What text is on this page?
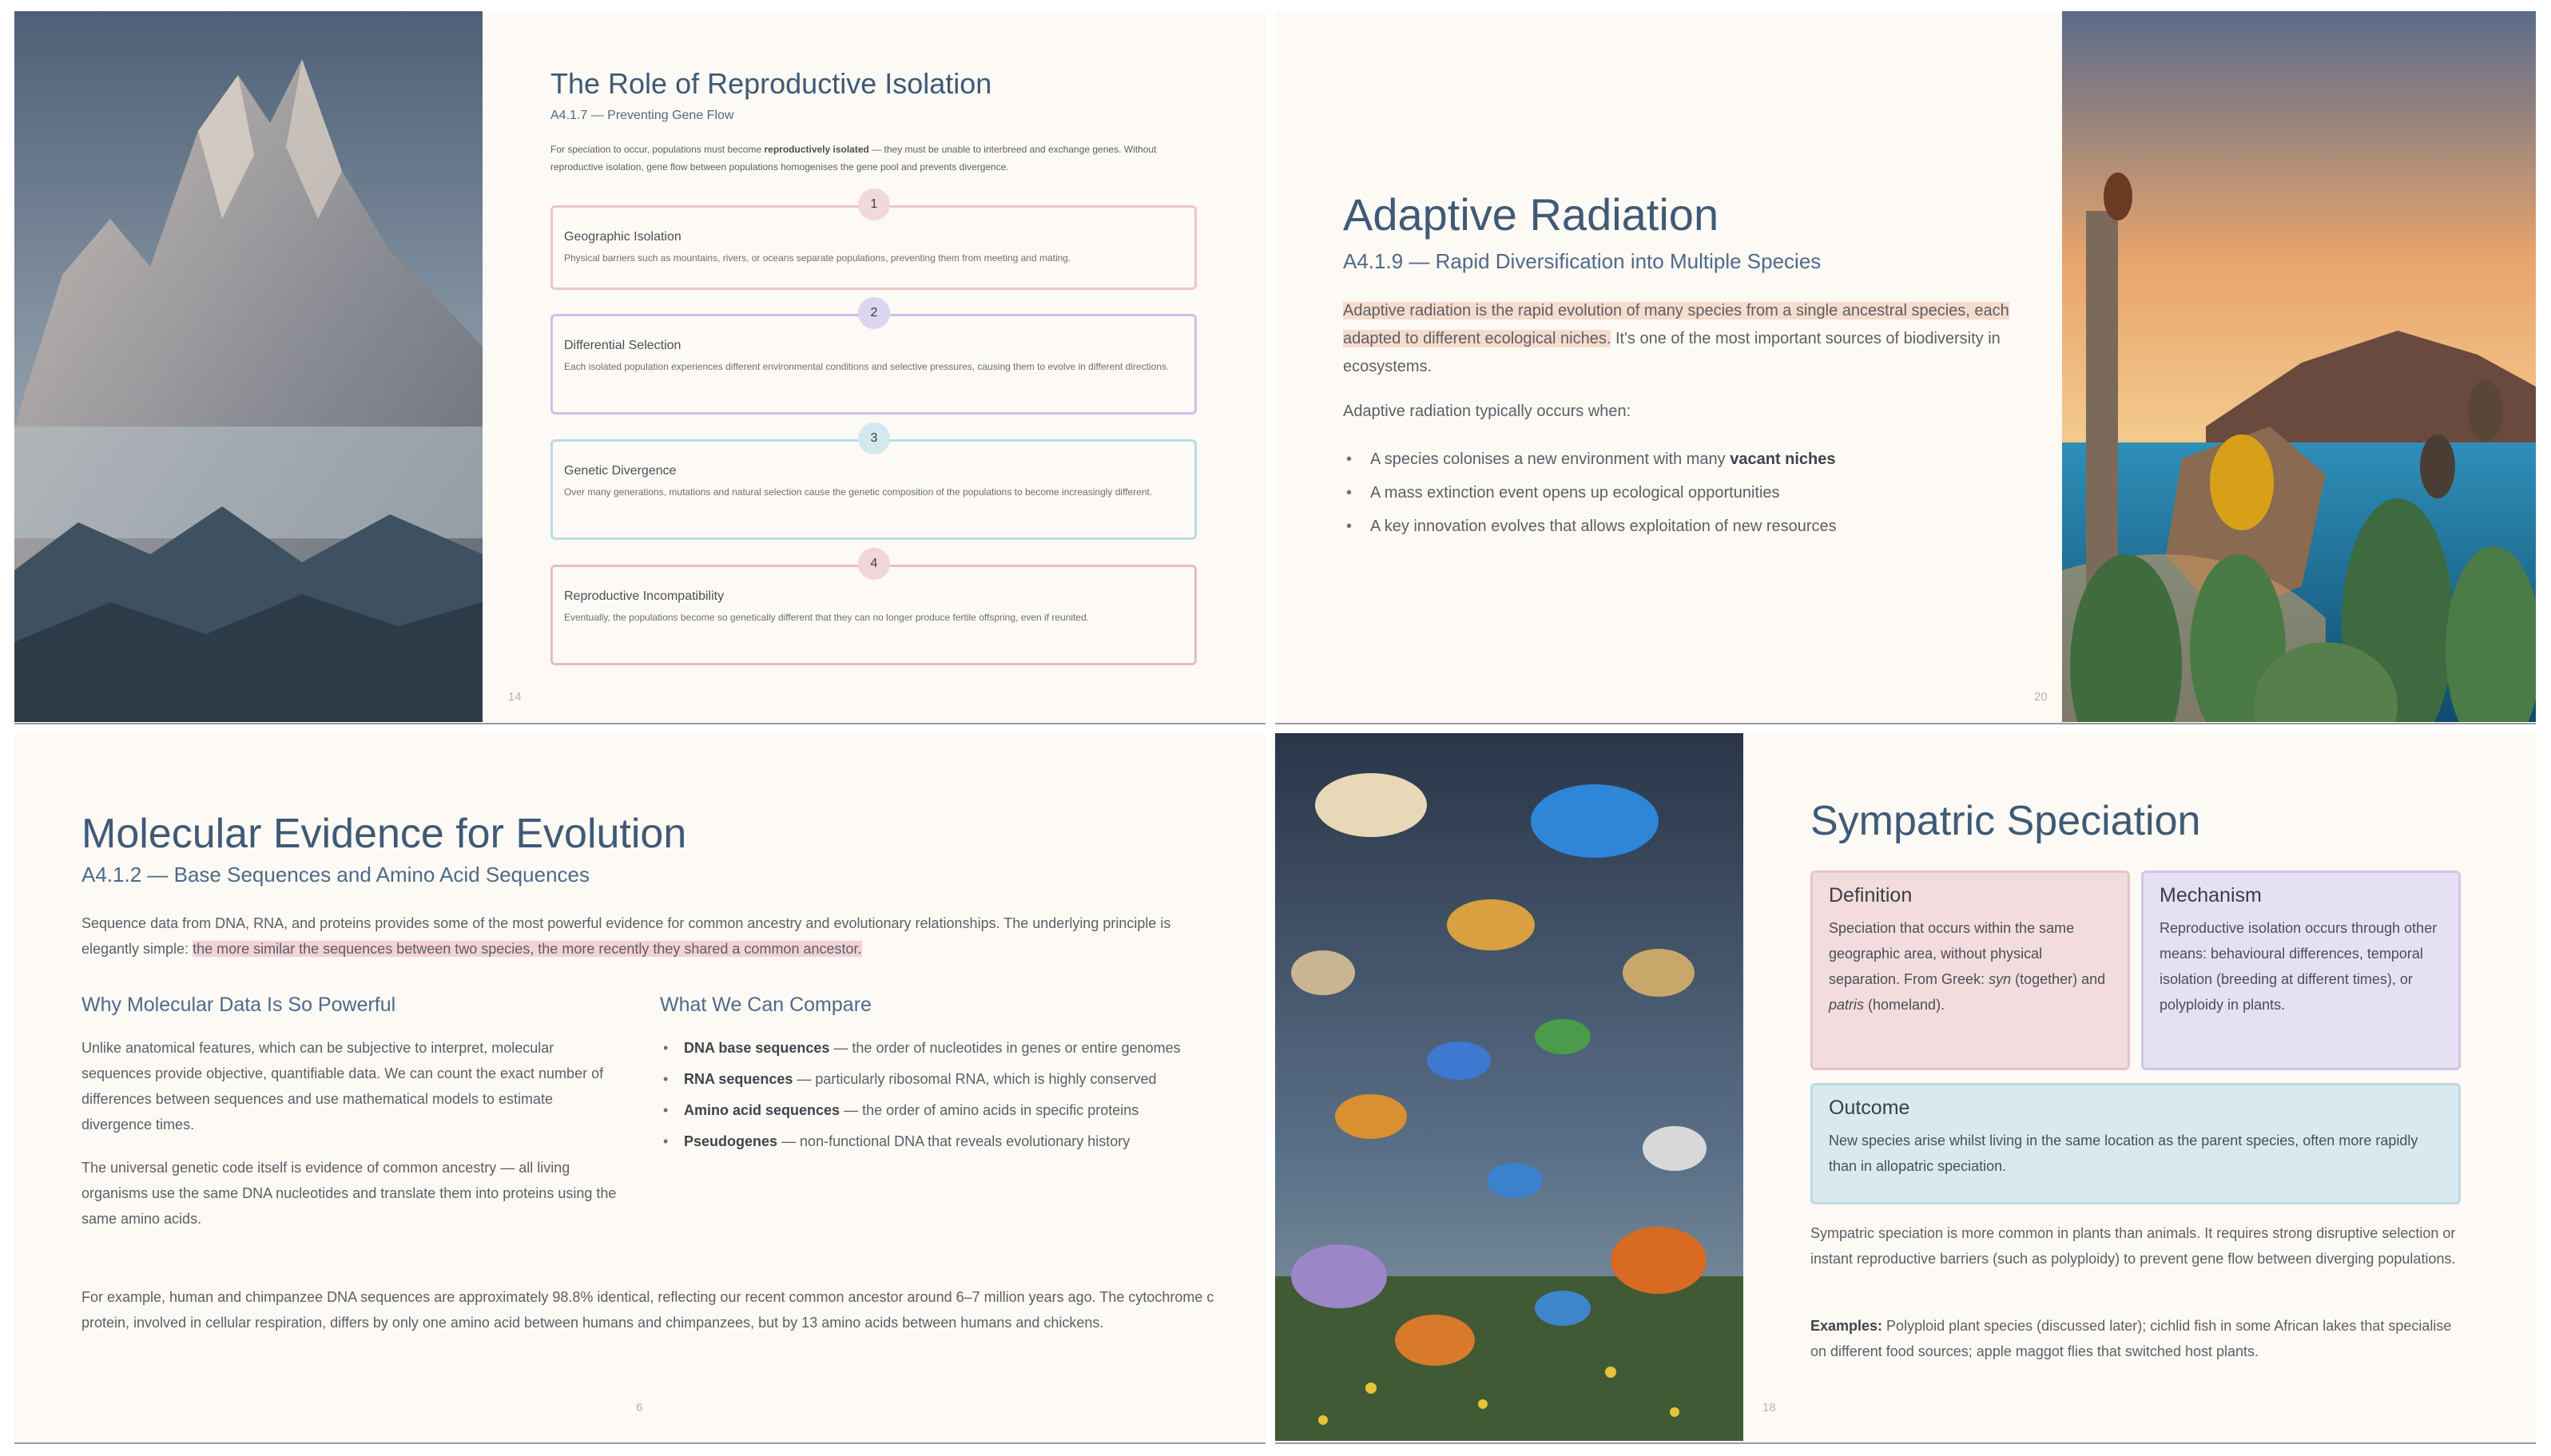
The Role of Reproductive Isolation
A4.1.7 — Preventing Gene Flow

For speciation to occur, populations must become reproductively isolated — they must be unable to interbreed and exchange genes. Without reproductive isolation, gene flow between populations homogenises the gene pool and prevents divergence.

1
Geographic Isolation
Physical barriers such as mountains, rivers, or oceans separate populations, preventing them from meeting and mating.
2
Differential Selection
Each isolated population experiences different environmental conditions and selective pressures, causing them to evolve in different directions.
3
Genetic Divergence
Over many generations, mutations and natural selection cause the genetic composition of the populations to become increasingly different.
4
Reproductive Incompatibility
Eventually, the populations become so genetically different that they can no longer produce fertile offspring, even if reunited.
14
Adaptive Radiation
A4.1.9 — Rapid Diversification into Multiple Species

Adaptive radiation is the rapid evolution of many species from a single ancestral species, each adapted to different ecological niches. It's one of the most important sources of biodiversity in ecosystems.

Adaptive radiation typically occurs when:

• A species colonises a new environment with many vacant niches
• A mass extinction event opens up ecological opportunities
• A key innovation evolves that allows exploitation of new resources
20
Molecular Evidence for Evolution
A4.1.2 — Base Sequences and Amino Acid Sequences

Sequence data from DNA, RNA, and proteins provides some of the most powerful evidence for common ancestry and evolutionary relationships. The underlying principle is elegantly simple: the more similar the sequences between two species, the more recently they shared a common ancestor.

Why Molecular Data Is So Powerful

Unlike anatomical features, which can be subjective to interpret, molecular sequences provide objective, quantifiable data. We can count the exact number of differences between sequences and use mathematical models to estimate divergence times.

The universal genetic code itself is evidence of common ancestry — all living organisms use the same DNA nucleotides and translate them into proteins using the same amino acids.

What We Can Compare
• DNA base sequences — the order of nucleotides in genes or entire genomes
• RNA sequences — particularly ribosomal RNA, which is highly conserved
• Amino acid sequences — the order of amino acids in specific proteins
• Pseudogenes — non-functional DNA that reveals evolutionary history

For example, human and chimpanzee DNA sequences are approximately 98.8% identical, reflecting our recent common ancestor around 6–7 million years ago. The cytochrome c protein, involved in cellular respiration, differs by only one amino acid between humans and chimpanzees, but by 13 amino acids between humans and chickens.

6
Sympatric Speciation
Definition
Speciation that occurs within the same geographic area, without physical separation. From Greek: syn (together) and patris (homeland).
Mechanism
Reproductive isolation occurs through other means: behavioural differences, temporal isolation (breeding at different times), or polyploidy in plants.
Outcome
New species arise whilst living in the same location as the parent species, often more rapidly than in allopatric speciation.

Sympatric speciation is more common in plants than animals. It requires strong disruptive selection or instant reproductive barriers (such as polyploidy) to prevent gene flow between diverging populations.

Examples: Polyploid plant species (discussed later); cichlid fish in some African lakes that specialise on different food sources; apple maggot flies that switched host plants.

18
